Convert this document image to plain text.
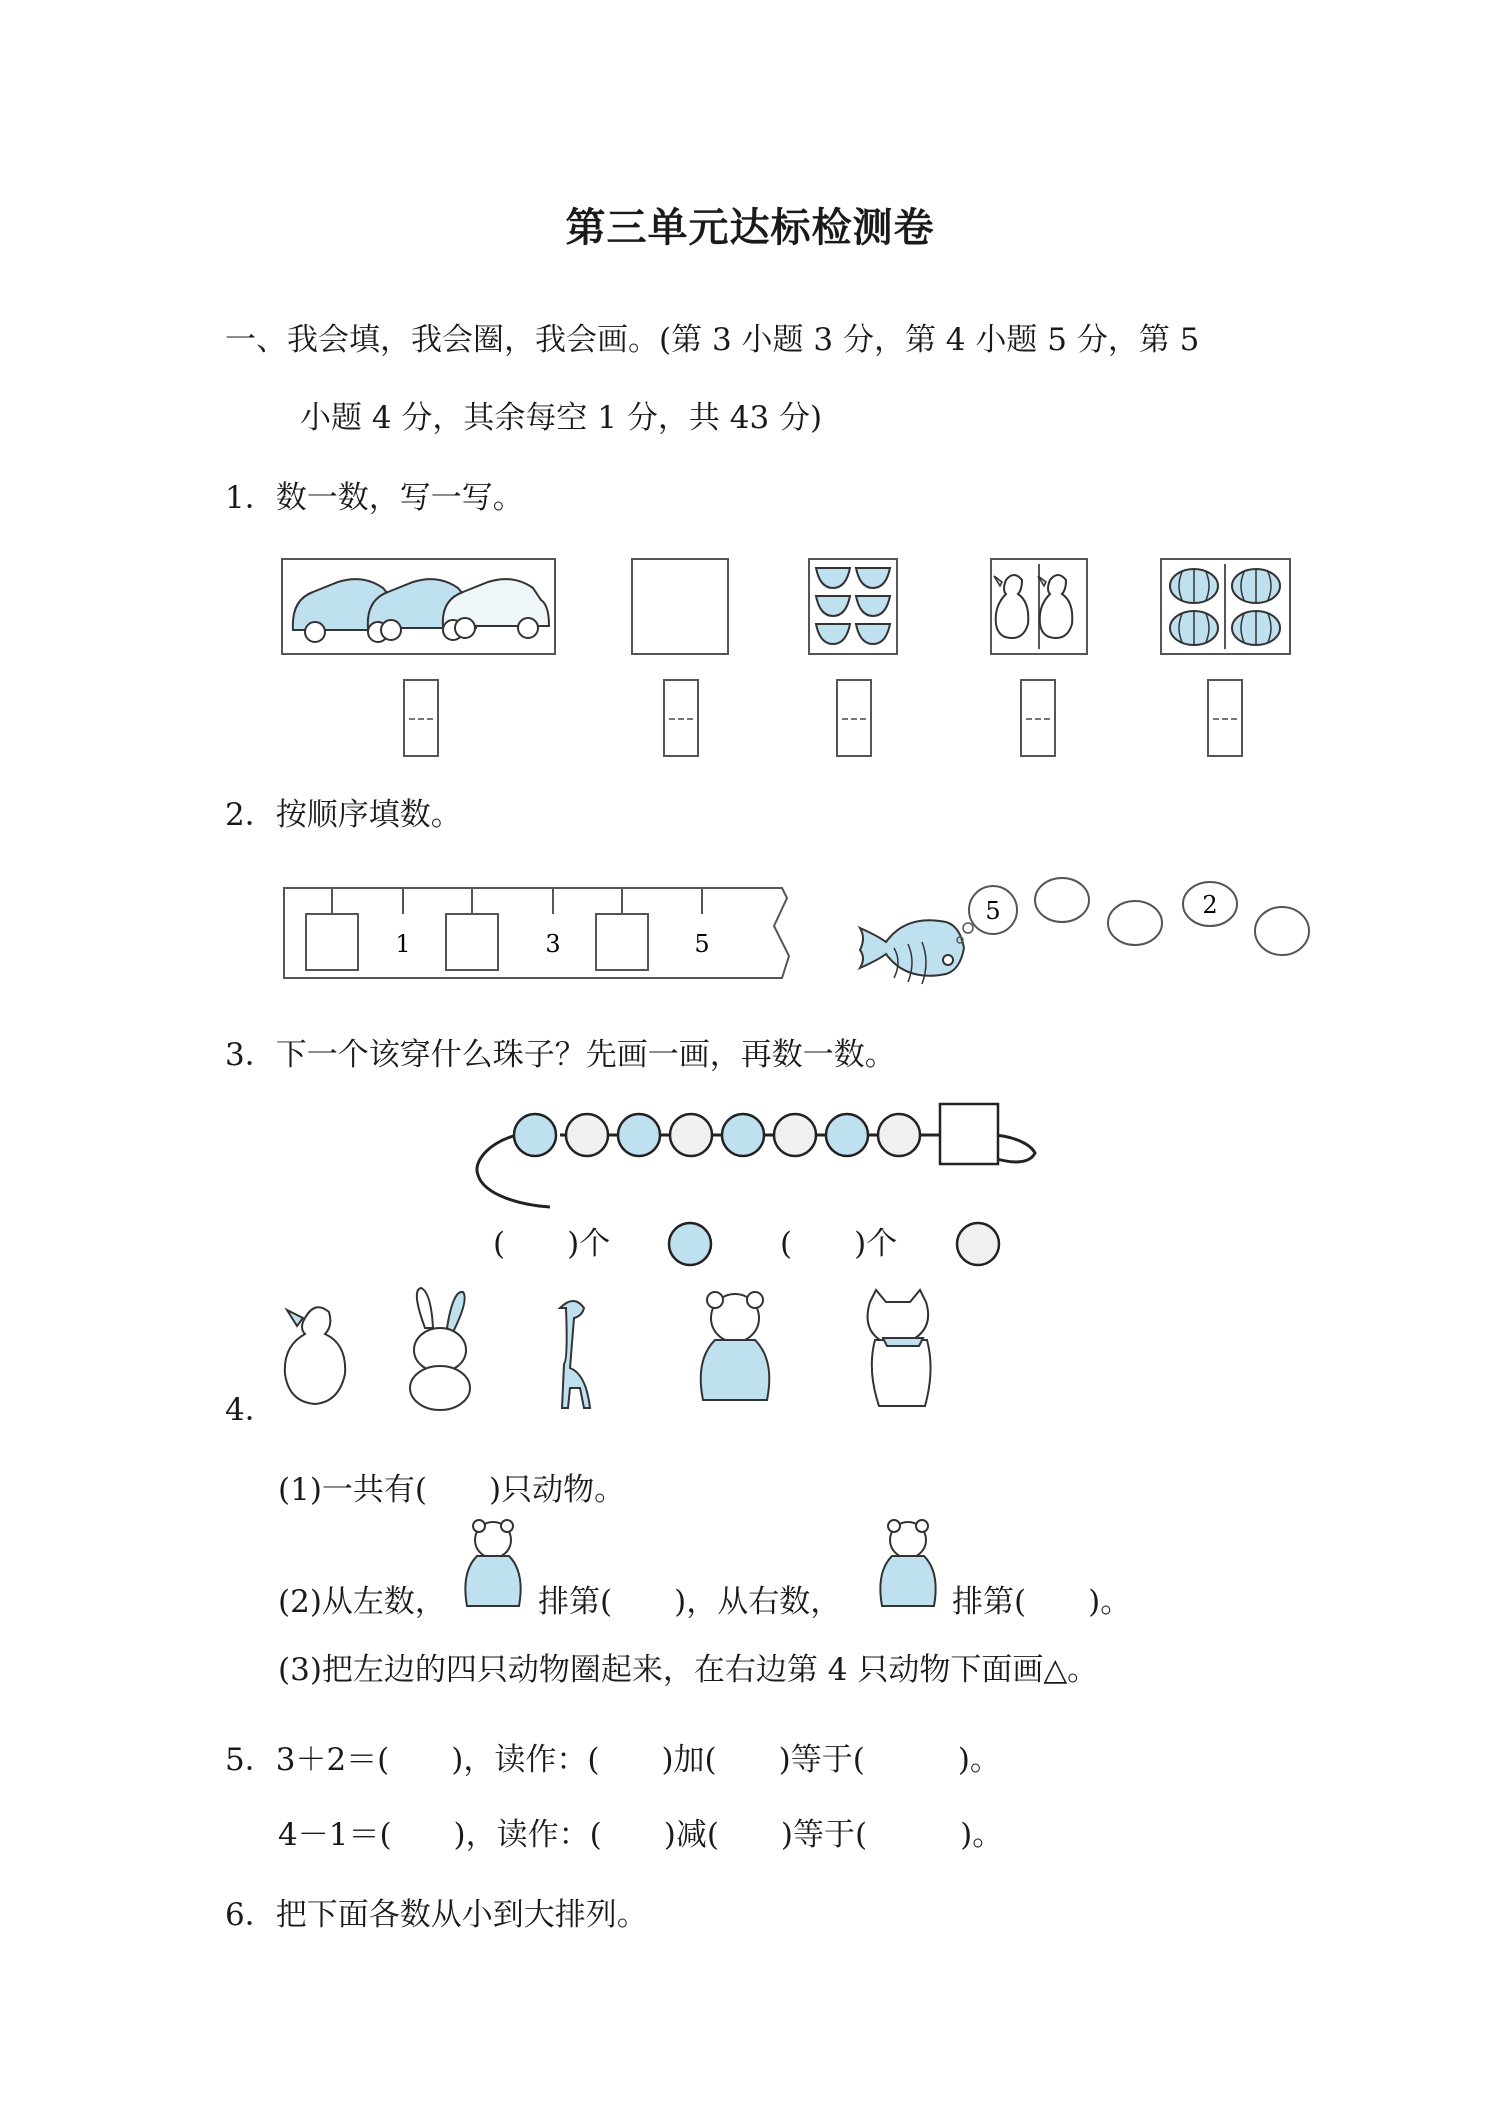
第三单元达标检测卷
一、我会填，我会圈，我会画。(第 3 小题 3 分，第 4 小题 5 分，第 5
小题 4 分，其余每空 1 分，共 43 分)
1．数一数，写一写。
2．按顺序填数。
1	3	5
5	2
3．下一个该穿什么珠子？先画一画，再数一数。
(　　)个	(　　)个
4．
(1)一共有(　　)只动物。
(2)从左数，	排第(　　)，从右数，	排第(　　)。
(3)把左边的四只动物圈起来，在右边第 4 只动物下面画△。
5．3＋2＝(　　)，读作：(　　)加(　　)等于(　　　)。
4－1＝(　　)，读作：(　　)减(　　)等于(　　　)。
6．把下面各数从小到大排列。
